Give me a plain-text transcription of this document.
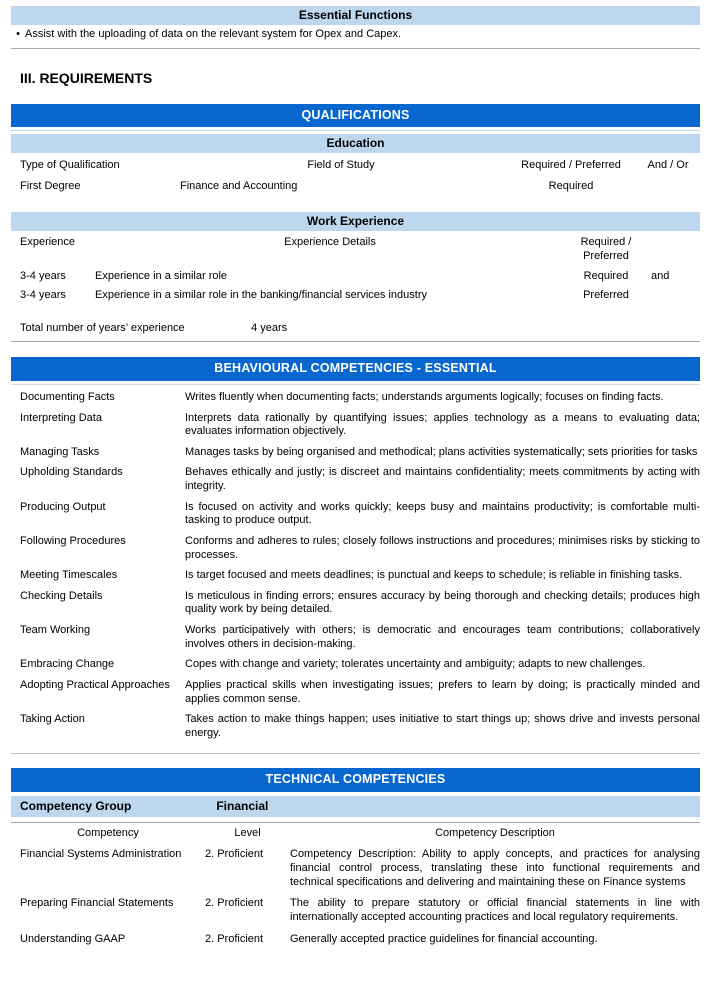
Essential Functions
• Assist with the uploading of data on the relevant system for Opex and Capex.
III. REQUIREMENTS
QUALIFICATIONS
Education
Type of Qualification	Field of Study	Required / Preferred	And / Or
First Degree	Finance and Accounting	Required
Work Experience
Experience	Experience Details	Required / Preferred
3-4 years	Experience in a similar role	Required	and
3-4 years	Experience in a similar role in the banking/financial services industry	Preferred
Total number of years’ experience	4 years
BEHAVIOURAL COMPETENCIES - ESSENTIAL
Documenting Facts	Writes fluently when documenting facts; understands arguments logically; focuses on finding facts.
Interpreting Data	Interprets data rationally by quantifying issues; applies technology as a means to evaluating data; evaluates information objectively.
Managing Tasks	Manages tasks by being organised and methodical; plans activities systematically; sets priorities for tasks
Upholding Standards	Behaves ethically and justly; is discreet and maintains confidentiality; meets commitments by acting with integrity.
Producing Output	Is focused on activity and works quickly; keeps busy and maintains productivity; is comfortable multi-tasking to produce output.
Following Procedures	Conforms and adheres to rules; closely follows instructions and procedures; minimises risks by sticking to processes.
Meeting Timescales	Is target focused and meets deadlines; is punctual and keeps to schedule; is reliable in finishing tasks.
Checking Details	Is meticulous in finding errors; ensures accuracy by being thorough and checking details; produces high quality work by being detailed.
Team Working	Works participatively with others; is democratic and encourages team contributions; collaboratively involves others in decision-making.
Embracing Change	Copes with change and variety; tolerates uncertainty and ambiguity; adapts to new challenges.
Adopting Practical Approaches	Applies practical skills when investigating issues; prefers to learn by doing; is practically minded and applies common sense.
Taking Action	Takes action to make things happen; uses initiative to start things up; shows drive and invests personal energy.
TECHNICAL COMPETENCIES
Competency Group	Financial
Competency	Level	Competency Description
Financial Systems Administration	2. Proficient	Competency Description: Ability to apply concepts, and practices for analysing financial control process, translating these into functional requirements and technical specifications and delivering and maintaining these on Finance systems
Preparing Financial Statements	2. Proficient	The ability to prepare statutory or official financial statements in line with internationally accepted accounting practices and local regulatory requirements.
Understanding GAAP	2. Proficient	Generally accepted practice guidelines for financial accounting.
